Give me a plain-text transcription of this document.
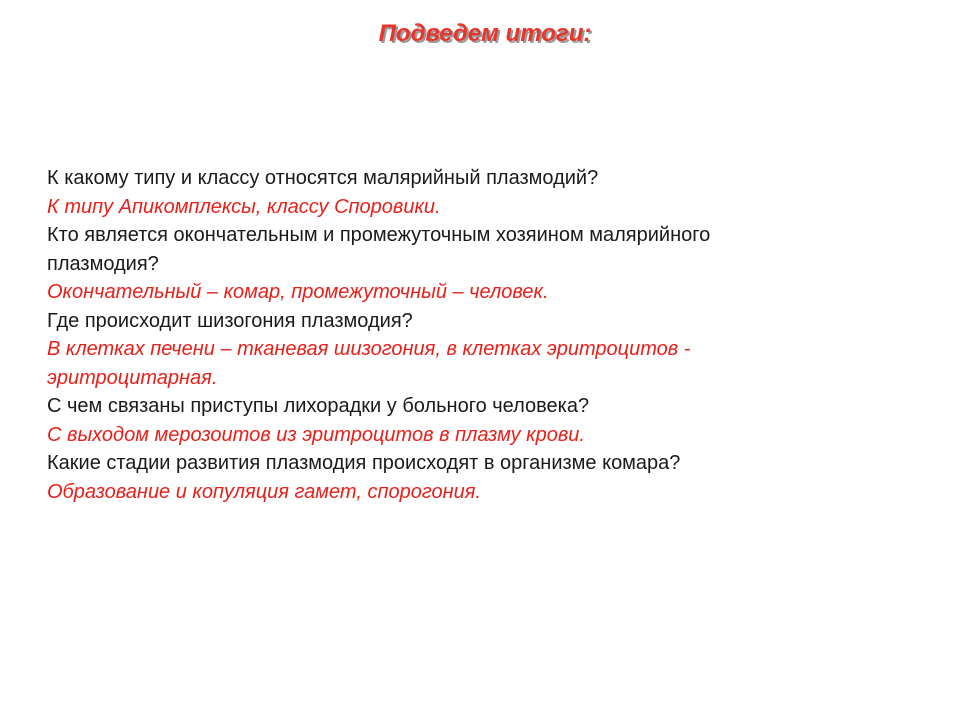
Подведем итоги:
К какому типу и классу относятся малярийный плазмодий?
К типу Апикомплексы, классу Споровики.
Кто является окончательным и промежуточным хозяином малярийного
плазмодия?
Окончательный – комар, промежуточный – человек.
Где происходит шизогония плазмодия?
В клетках печени – тканевая шизогония, в клетках эритроцитов -
эритроцитарная.
С чем связаны приступы лихорадки у больного человека?
С выходом мерозоитов из эритроцитов в плазму крови.
Какие стадии развития плазмодия происходят в организме комара?
Образование и копуляция гамет, спорогония.
